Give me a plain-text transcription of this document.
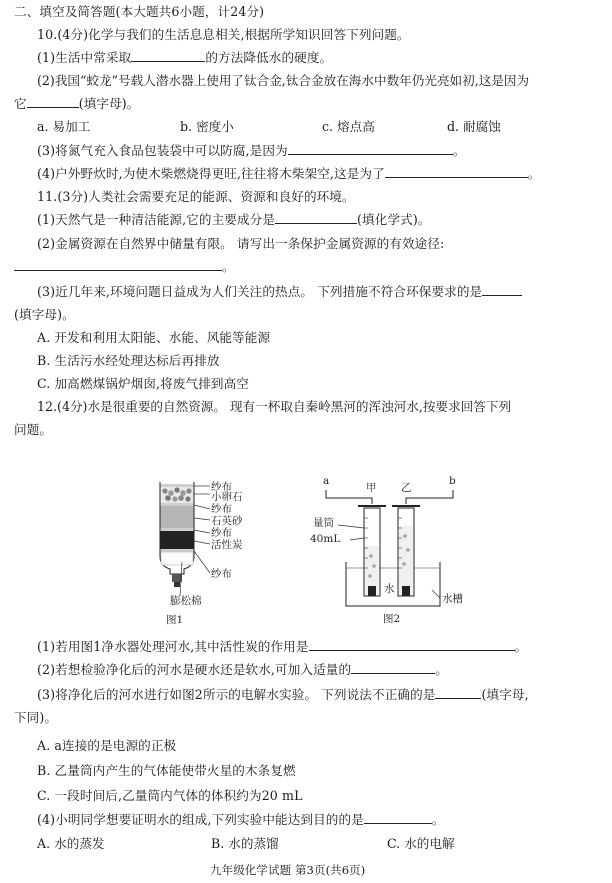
二、填空及简答题(本大题共6小题，计24分)
10.(4分)化学与我们的生活息息相关,根据所学知识回答下列问题。
(1)生活中常采取	的方法降低水的硬度。
(2)我国“蛟龙”号载人潜水器上使用了钛合金,钛合金放在海水中数年仍光亮如初,这是因为
它	(填字母)。
a. 易加工	b. 密度小	c. 熔点高	d. 耐腐蚀
(3)将氮气充入食品包装袋中可以防腐,是因为	。
(4)户外野炊时,为使木柴燃烧得更旺,往往将木柴架空,这是为了	。
11.(3分)人类社会需要充足的能源、资源和良好的环境。
(1)天然气是一种清洁能源,它的主要成分是	(填化学式)。
(2)金属资源在自然界中储量有限。 请写出一条保护金属资源的有效途径:
。
(3)近几年来,环境问题日益成为人们关注的热点。 下列措施不符合环保要求的是
(填字母)。
A. 开发和利用太阳能、水能、风能等能源
B. 生活污水经处理达标后再排放
C. 加高燃煤锅炉烟囱,将废气排到高空
12.(4分)水是很重要的自然资源。 现有一杯取自秦岭黑河的浑浊河水,按要求回答下列
问题。
纱布
小卵石
纱布
石英砂
纱布
活性炭
纱布
膨松棉
图1
a	b
甲 乙
量筒
40mL
水
水槽
图2
(1)若用图1净水器处理河水,其中活性炭的作用是	。
(2)若想检验净化后的河水是硬水还是软水,可加入适量的	。
(3)将净化后的河水进行如图2所示的电解水实验。 下列说法不正确的是	(填字母,
下同)。
A. a连接的是电源的正极
B. 乙量筒内产生的气体能使带火星的木条复燃
C. 一段时间后,乙量筒内气体的体积约为20 mL
(4)小明同学想要证明水的组成,下列实验中能达到目的的是	。
A. 水的蒸发	B. 水的蒸馏	C. 水的电解
九年级化学试题 第3页(共6页)
